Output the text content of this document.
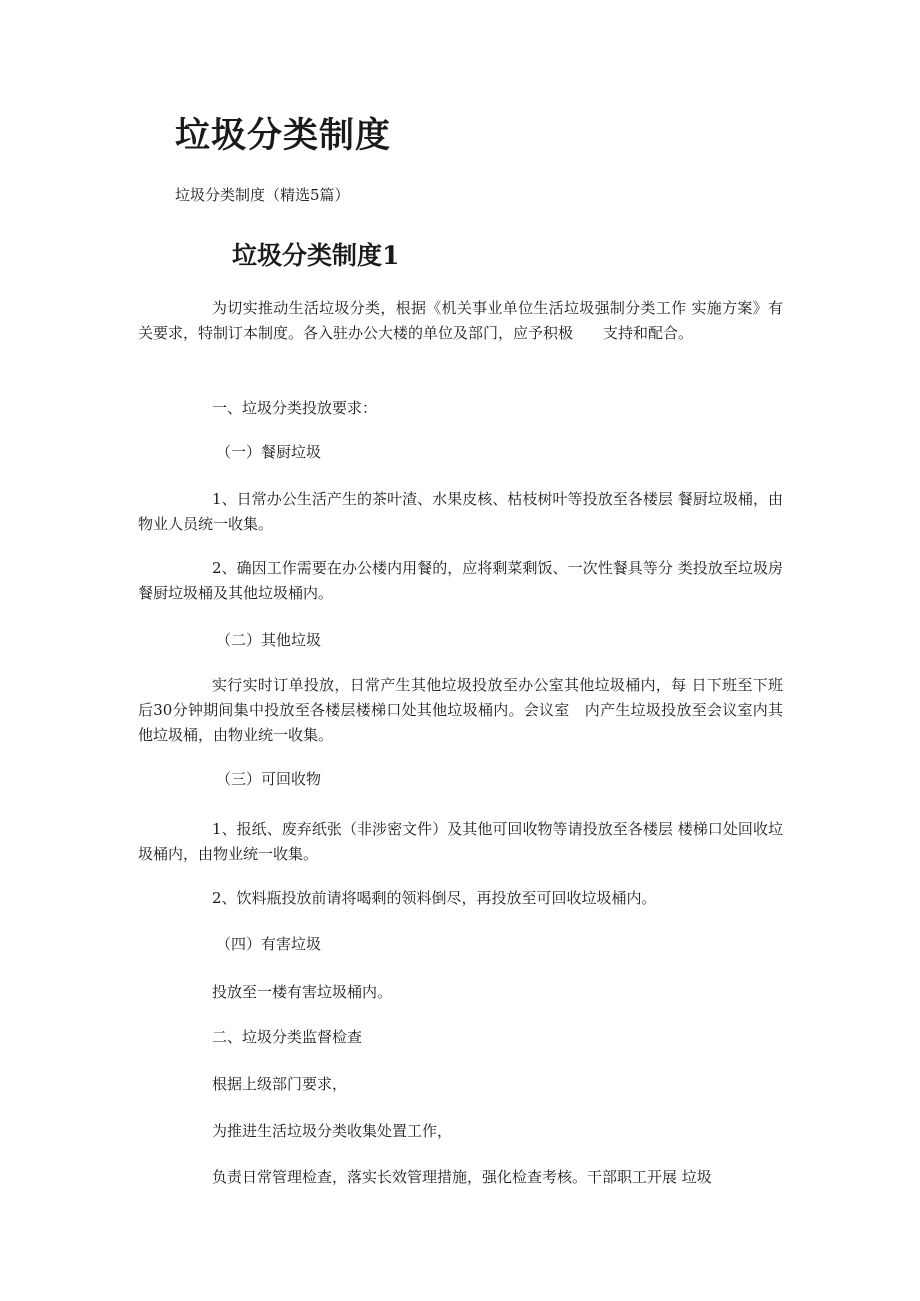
垃圾分类制度

垃圾分类制度（精选5篇）

垃圾分类制度1

为切实推动生活垃圾分类，根据《机关事业单位生活垃圾强制分类工作 实施方案》有关要求，特制订本制度。各入驻办公大楼的单位及部门，应予积极　　支持和配合。

一、垃圾分类投放要求：

（一）餐厨垃圾

1、日常办公生活产生的茶叶渣、水果皮核、枯枝树叶等投放至各楼层 餐厨垃圾桶，由物业人员统一收集。

2、确因工作需要在办公楼内用餐的，应将剩菜剩饭、一次性餐具等分 类投放至垃圾房餐厨垃圾桶及其他垃圾桶内。

（二）其他垃圾

实行实时订单投放，日常产生其他垃圾投放至办公室其他垃圾桶内，每 日下班至下班后30分钟期间集中投放至各楼层楼梯口处其他垃圾桶内。会议室　内产生垃圾投放至会议室内其他垃圾桶，由物业统一收集。

（三）可回收物

1、报纸、废弃纸张（非涉密文件）及其他可回收物等请投放至各楼层 楼梯口处回收垃圾桶内，由物业统一收集。

2、饮料瓶投放前请将喝剩的领料倒尽，再投放至可回收垃圾桶内。

（四）有害垃圾

投放至一楼有害垃圾桶内。

二、垃圾分类监督检查

根据上级部门要求，

为推进生活垃圾分类收集处置工作，

负责日常管理检查，落实长效管理措施，强化检查考核。干部职工开展 垃圾
